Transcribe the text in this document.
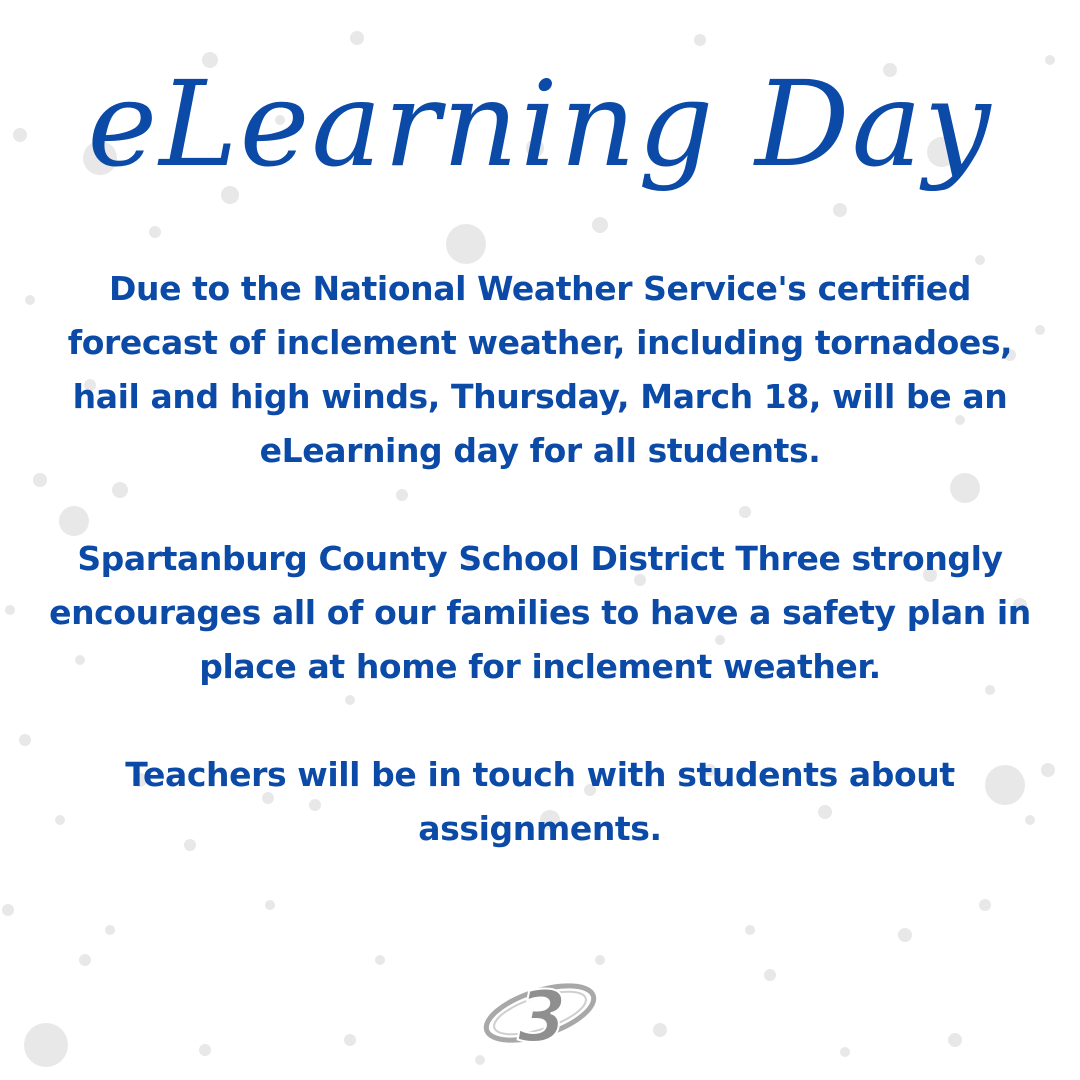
eLearning Day

Due to the National Weather Service's certified forecast of inclement weather, including tornadoes, hail and high winds, Thursday, March 18, will be an eLearning day for all students.

Spartanburg County School District Three strongly encourages all of our families to have a safety plan in place at home for inclement weather.

Teachers will be in touch with students about assignments.

3
